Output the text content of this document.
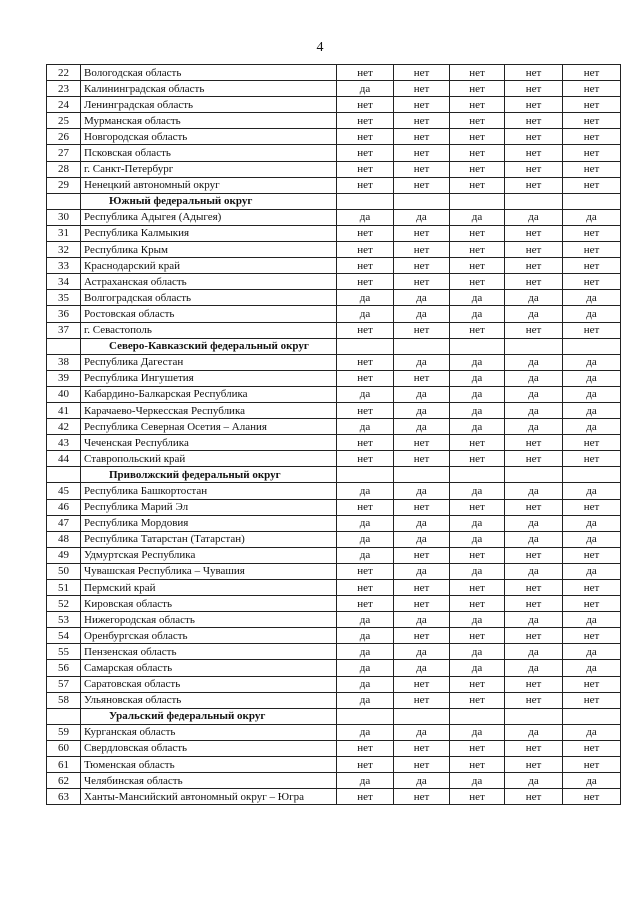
4
22	Вологодская область	нет	нет	нет	нет	нет
23	Калининградская область	да	нет	нет	нет	нет
24	Ленинградская область	нет	нет	нет	нет	нет
25	Мурманская область	нет	нет	нет	нет	нет
26	Новгородская область	нет	нет	нет	нет	нет
27	Псковская область	нет	нет	нет	нет	нет
28	г. Санкт-Петербург	нет	нет	нет	нет	нет
29	Ненецкий автономный округ	нет	нет	нет	нет	нет
	Южный федеральный округ					
30	Республика Адыгея (Адыгея)	да	да	да	да	да
31	Республика Калмыкия	нет	нет	нет	нет	нет
32	Республика Крым	нет	нет	нет	нет	нет
33	Краснодарский край	нет	нет	нет	нет	нет
34	Астраханская область	нет	нет	нет	нет	нет
35	Волгоградская область	да	да	да	да	да
36	Ростовская область	да	да	да	да	да
37	г. Севастополь	нет	нет	нет	нет	нет
	Северо-Кавказский федеральный округ					
38	Республика Дагестан	нет	да	да	да	да
39	Республика Ингушетия	нет	нет	да	да	да
40	Кабардино-Балкарская Республика	да	да	да	да	да
41	Карачаево-Черкесская Республика	нет	да	да	да	да
42	Республика Северная Осетия – Алания	да	да	да	да	да
43	Чеченская Республика	нет	нет	нет	нет	нет
44	Ставропольский край	нет	нет	нет	нет	нет
	Приволжский федеральный округ					
45	Республика Башкортостан	да	да	да	да	да
46	Республика Марий Эл	нет	нет	нет	нет	нет
47	Республика Мордовия	да	да	да	да	да
48	Республика Татарстан (Татарстан)	да	да	да	да	да
49	Удмуртская Республика	да	нет	нет	нет	нет
50	Чувашская Республика – Чувашия	нет	да	да	да	да
51	Пермский край	нет	нет	нет	нет	нет
52	Кировская область	нет	нет	нет	нет	нет
53	Нижегородская область	да	да	да	да	да
54	Оренбургская область	да	нет	нет	нет	нет
55	Пензенская область	да	да	да	да	да
56	Самарская область	да	да	да	да	да
57	Саратовская область	да	нет	нет	нет	нет
58	Ульяновская область	да	нет	нет	нет	нет
	Уральский федеральный округ					
59	Курганская область	да	да	да	да	да
60	Свердловская область	нет	нет	нет	нет	нет
61	Тюменская область	нет	нет	нет	нет	нет
62	Челябинская область	да	да	да	да	да
63	Ханты-Мансийский автономный округ – Югра	нет	нет	нет	нет	нет
